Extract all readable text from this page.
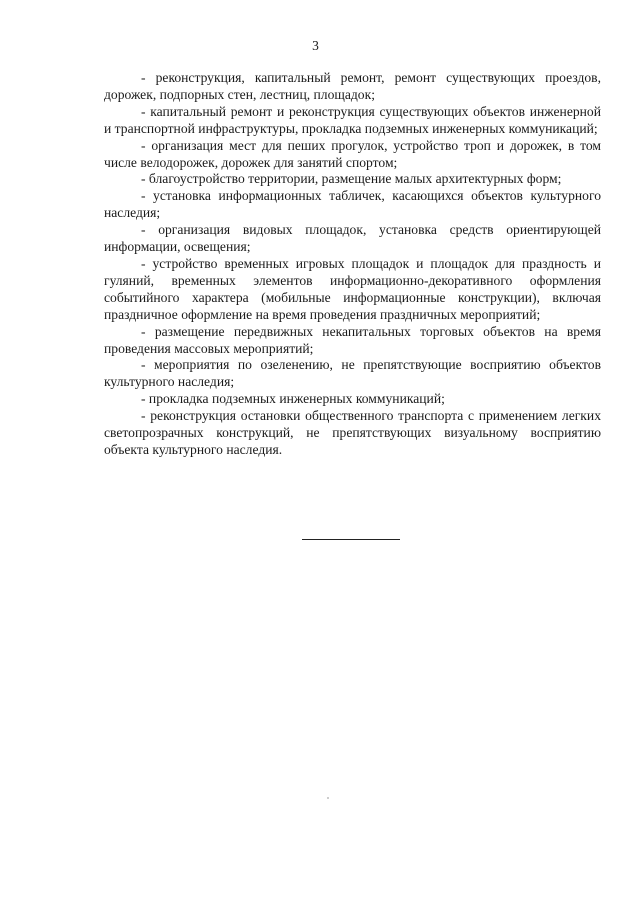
3

- реконструкция, капитальный ремонт, ремонт существующих проездов, дорожек, подпорных стен, лестниц, площадок;

- капитальный ремонт и реконструкция существующих объектов инженерной и транспортной инфраструктуры, прокладка подземных инженерных коммуникаций;

- организация мест для пеших прогулок, устройство троп и дорожек, в том числе велодорожек, дорожек для занятий спортом;

- благоустройство территории, размещение малых архитектурных форм;

- установка информационных табличек, касающихся объектов культурного наследия;

- организация видовых площадок, установка средств ориентирующей информации, освещения;

- устройство временных игровых площадок и площадок для праздность и гуляний, временных элементов информационно-декоративного оформления событийного характера (мобильные информационные конструкции), включая праздничное оформление на время проведения праздничных мероприятий;

- размещение передвижных некапитальных торговых объектов на время проведения массовых мероприятий;

- мероприятия по озеленению, не препятствующие восприятию объектов культурного наследия;

- прокладка подземных инженерных коммуникаций;

- реконструкция остановки общественного транспорта с применением легких светопрозрачных конструкций, не препятствующих визуальному восприятию объекта культурного наследия.
